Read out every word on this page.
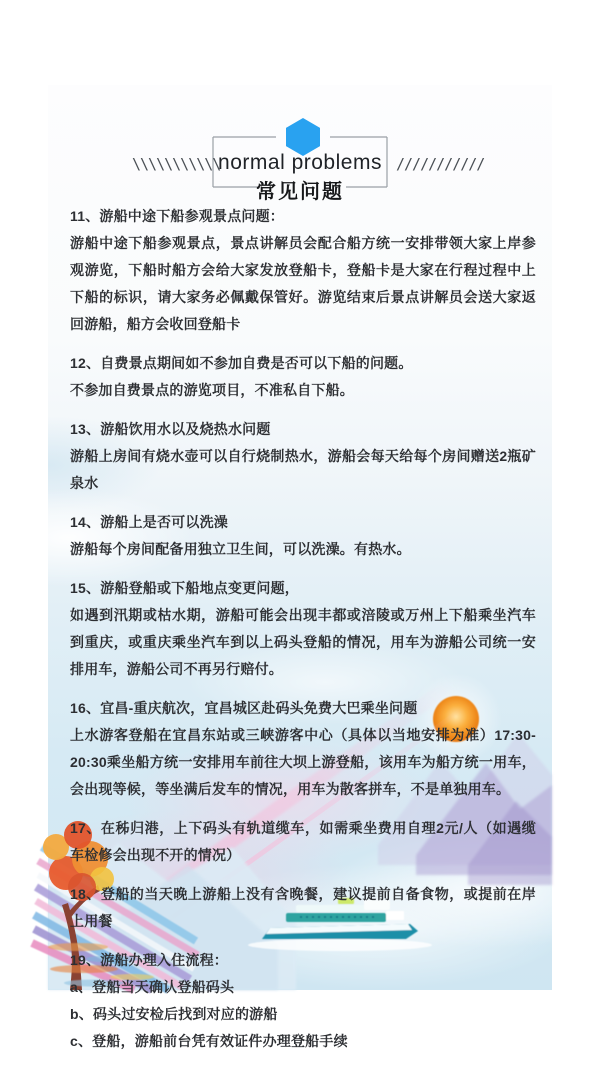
\\\\\\\\\\\	///////////
normal problems
常见问题

11、游船中途下船参观景点问题：

游船中途下船参观景点，景点讲解员会配合船方统一安排带领大家上岸参观游览，下船时船方会给大家发放登船卡，登船卡是大家在行程过程中上下船的标识，请大家务必佩戴保管好。游览结束后景点讲解员会送大家返回游船，船方会收回登船卡

12、自费景点期间如不参加自费是否可以下船的问题。

不参加自费景点的游览项目，不准私自下船。

13、游船饮用水以及烧热水问题

游船上房间有烧水壶可以自行烧制热水，游船会每天给每个房间赠送2瓶矿泉水

14、游船上是否可以洗澡

游船每个房间配备用独立卫生间，可以洗澡。有热水。

15、游船登船或下船地点变更问题，

如遇到汛期或枯水期，游船可能会出现丰都或涪陵或万州上下船乘坐汽车到重庆，或重庆乘坐汽车到以上码头登船的情况，用车为游船公司统一安排用车，游船公司不再另行赔付。

16、宜昌-重庆航次，宜昌城区赴码头免费大巴乘坐问题

上水游客登船在宜昌东站或三峡游客中心（具体以当地安排为准）17:30-20:30乘坐船方统一安排用车前往大坝上游登船，该用车为船方统一用车，会出现等候，等坐满后发车的情况，用车为散客拼车，不是单独用车。

17、在秭归港，上下码头有轨道缆车，如需乘坐费用自理2元/人（如遇缆车检修会出现不开的情况）

18、登船的当天晚上游船上没有含晚餐，建议提前自备食物，或提前在岸上用餐

19、游船办理入住流程：

a、登船当天确认登船码头

b、码头过安检后找到对应的游船

c、登船，游船前台凭有效证件办理登船手续
